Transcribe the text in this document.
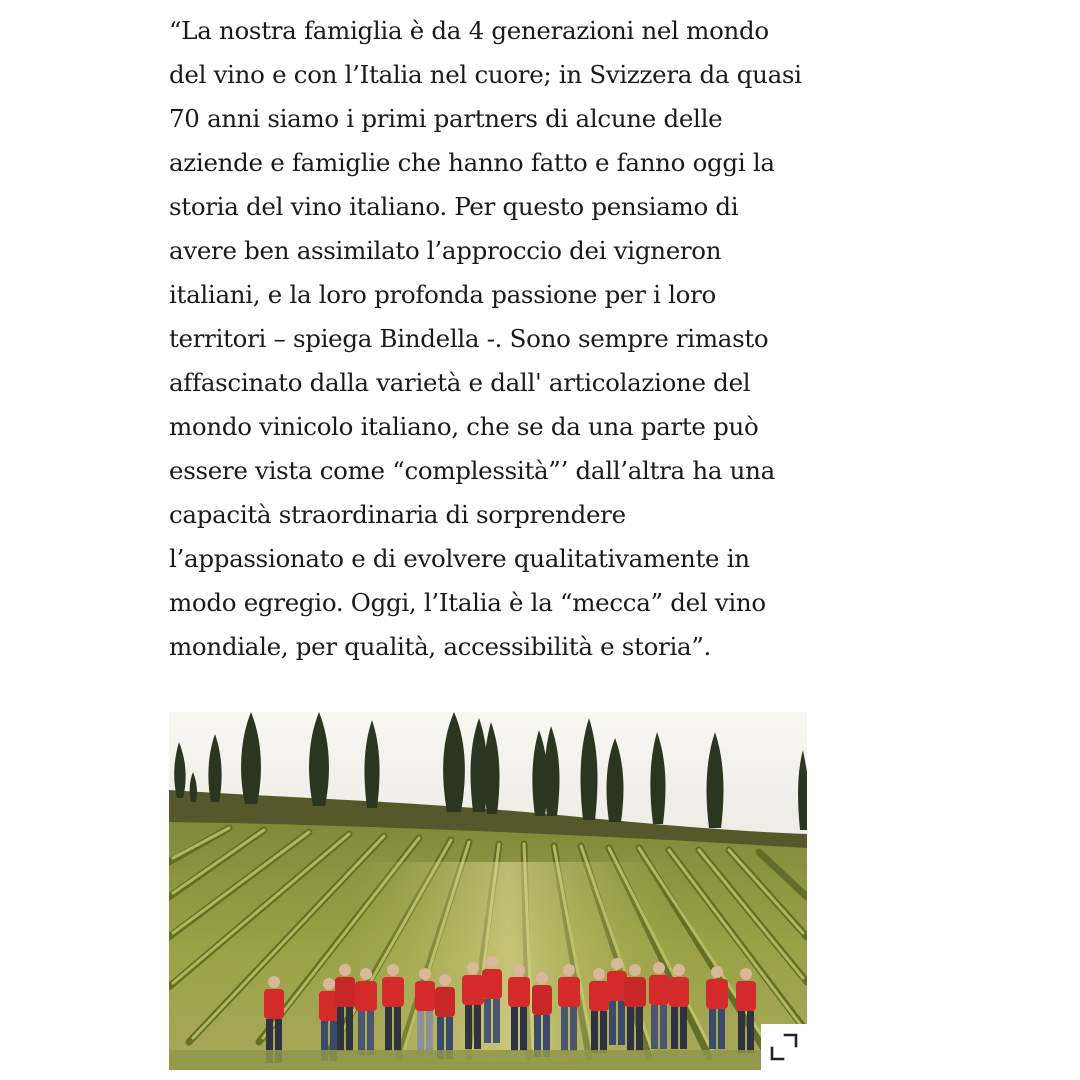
“La nostra famiglia è da 4 generazioni nel mondo
del vino e con l’Italia nel cuore; in Svizzera da quasi
70 anni siamo i primi partners di alcune delle
aziende e famiglie che hanno fatto e fanno oggi la
storia del vino italiano. Per questo pensiamo di
avere ben assimilato l’approccio dei vigneron
italiani, e la loro profonda passione per i loro
territori – spiega Bindella -. Sono sempre rimasto
affascinato dalla varietà e dall' articolazione del
mondo vinicolo italiano, che se da una parte può
essere vista come “complessità”’ dall’altra ha una
capacità straordinaria di sorprendere
l’appassionato e di evolvere qualitativamente in
modo egregio. Oggi, l’Italia è la “mecca” del vino
mondiale, per qualità, accessibilità e storia”.
